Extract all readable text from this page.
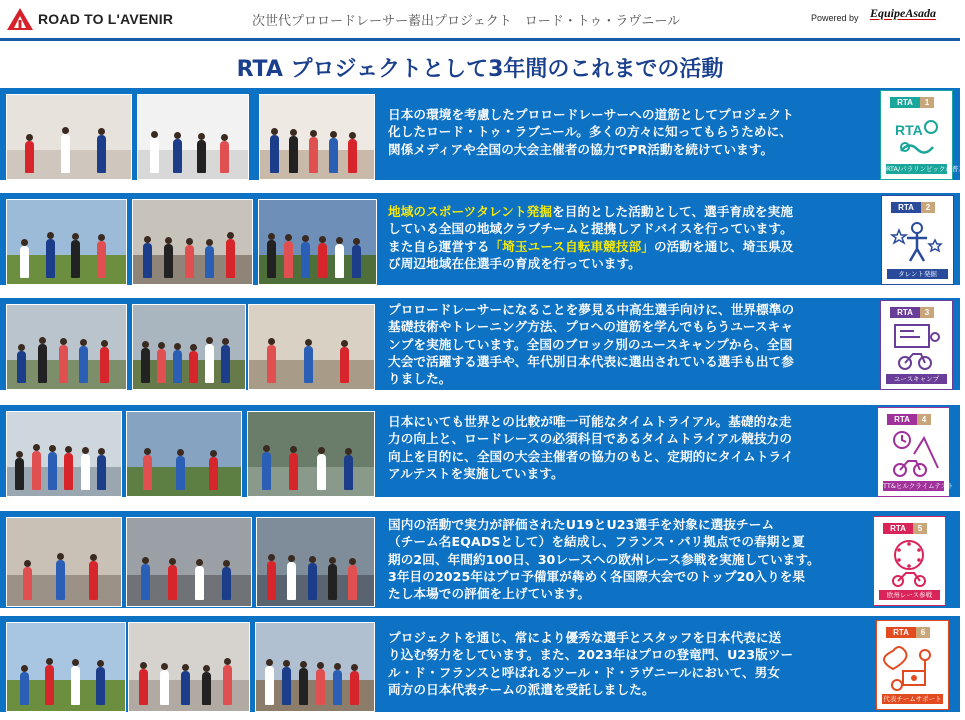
ROAD TO L'AVENIR	次世代プロロードレーサー蓄出プロジェクト　ロード・トゥ・ラヴニール	Powered by EquipeAsada
RTA プロジェクトとして3年間のこれまでの活動
日本の環境を考慮したプロロードレーサーへの道筋としてプロジェクト
化したロード・トゥ・ラブニール。多くの方々に知ってもらうために、
関係メディアや全国の大会主催者の協力でPR活動を続けています。
RTA	1
RTA
RTA/パラリンピックの普及
地域のスポーツタレント発掘を目的とした活動として、選手育成を実施
している全国の地域クラブチームと提携しアドバイスを行っています。
また自ら運営する「埼玉ユース自転車競技部」の活動を通じ、埼玉県及
び周辺地域在住選手の育成を行っています。
RTA	2
タレント発掘
プロロードレーサーになることを夢見る中高生選手向けに、世界標準の
基礎技術やトレーニング方法、プロへの道筋を学んでもらうユースキャ
ンプを実施しています。全国のブロック別のユースキャンプから、全国
大会で活躍する選手や、年代別日本代表に選出されている選手も出て参
りました。
RTA	3
ユースキャンプ
日本にいても世界との比較が唯一可能なタイムトライアル。基礎的な走
力の向上と、ロードレースの必須科目であるタイムトライアル競技力の
向上を目的に、全国の大会主催者の協力のもと、定期的にタイムトライ
アルテストを実施しています。
RTA	4
TT&ヒルクライムテスト
国内の活動で実力が評価されたU19とU23選手を対象に選抜チーム
（チーム名EQADSとして）を結成し、フランス・パリ拠点での春期と夏
期の2回、年間約100日、30レースへの欧州レース参戦を実施しています。
3年目の2025年はプロ予備軍が犇めく各国際大会でのトップ20入りを果
たし本場での評価を上げています。
RTA	5
欧州レース参戦
プロジェクトを通じ、常により優秀な選手とスタッフを日本代表に送
り込む努力をしています。また、2023年はプロの登竜門、U23版ツー
ル・ド・フランスと呼ばれるツール・ド・ラヴニールにおいて、男女
両方の日本代表チームの派遣を受託しました。
RTA	6
代表チームサポート
